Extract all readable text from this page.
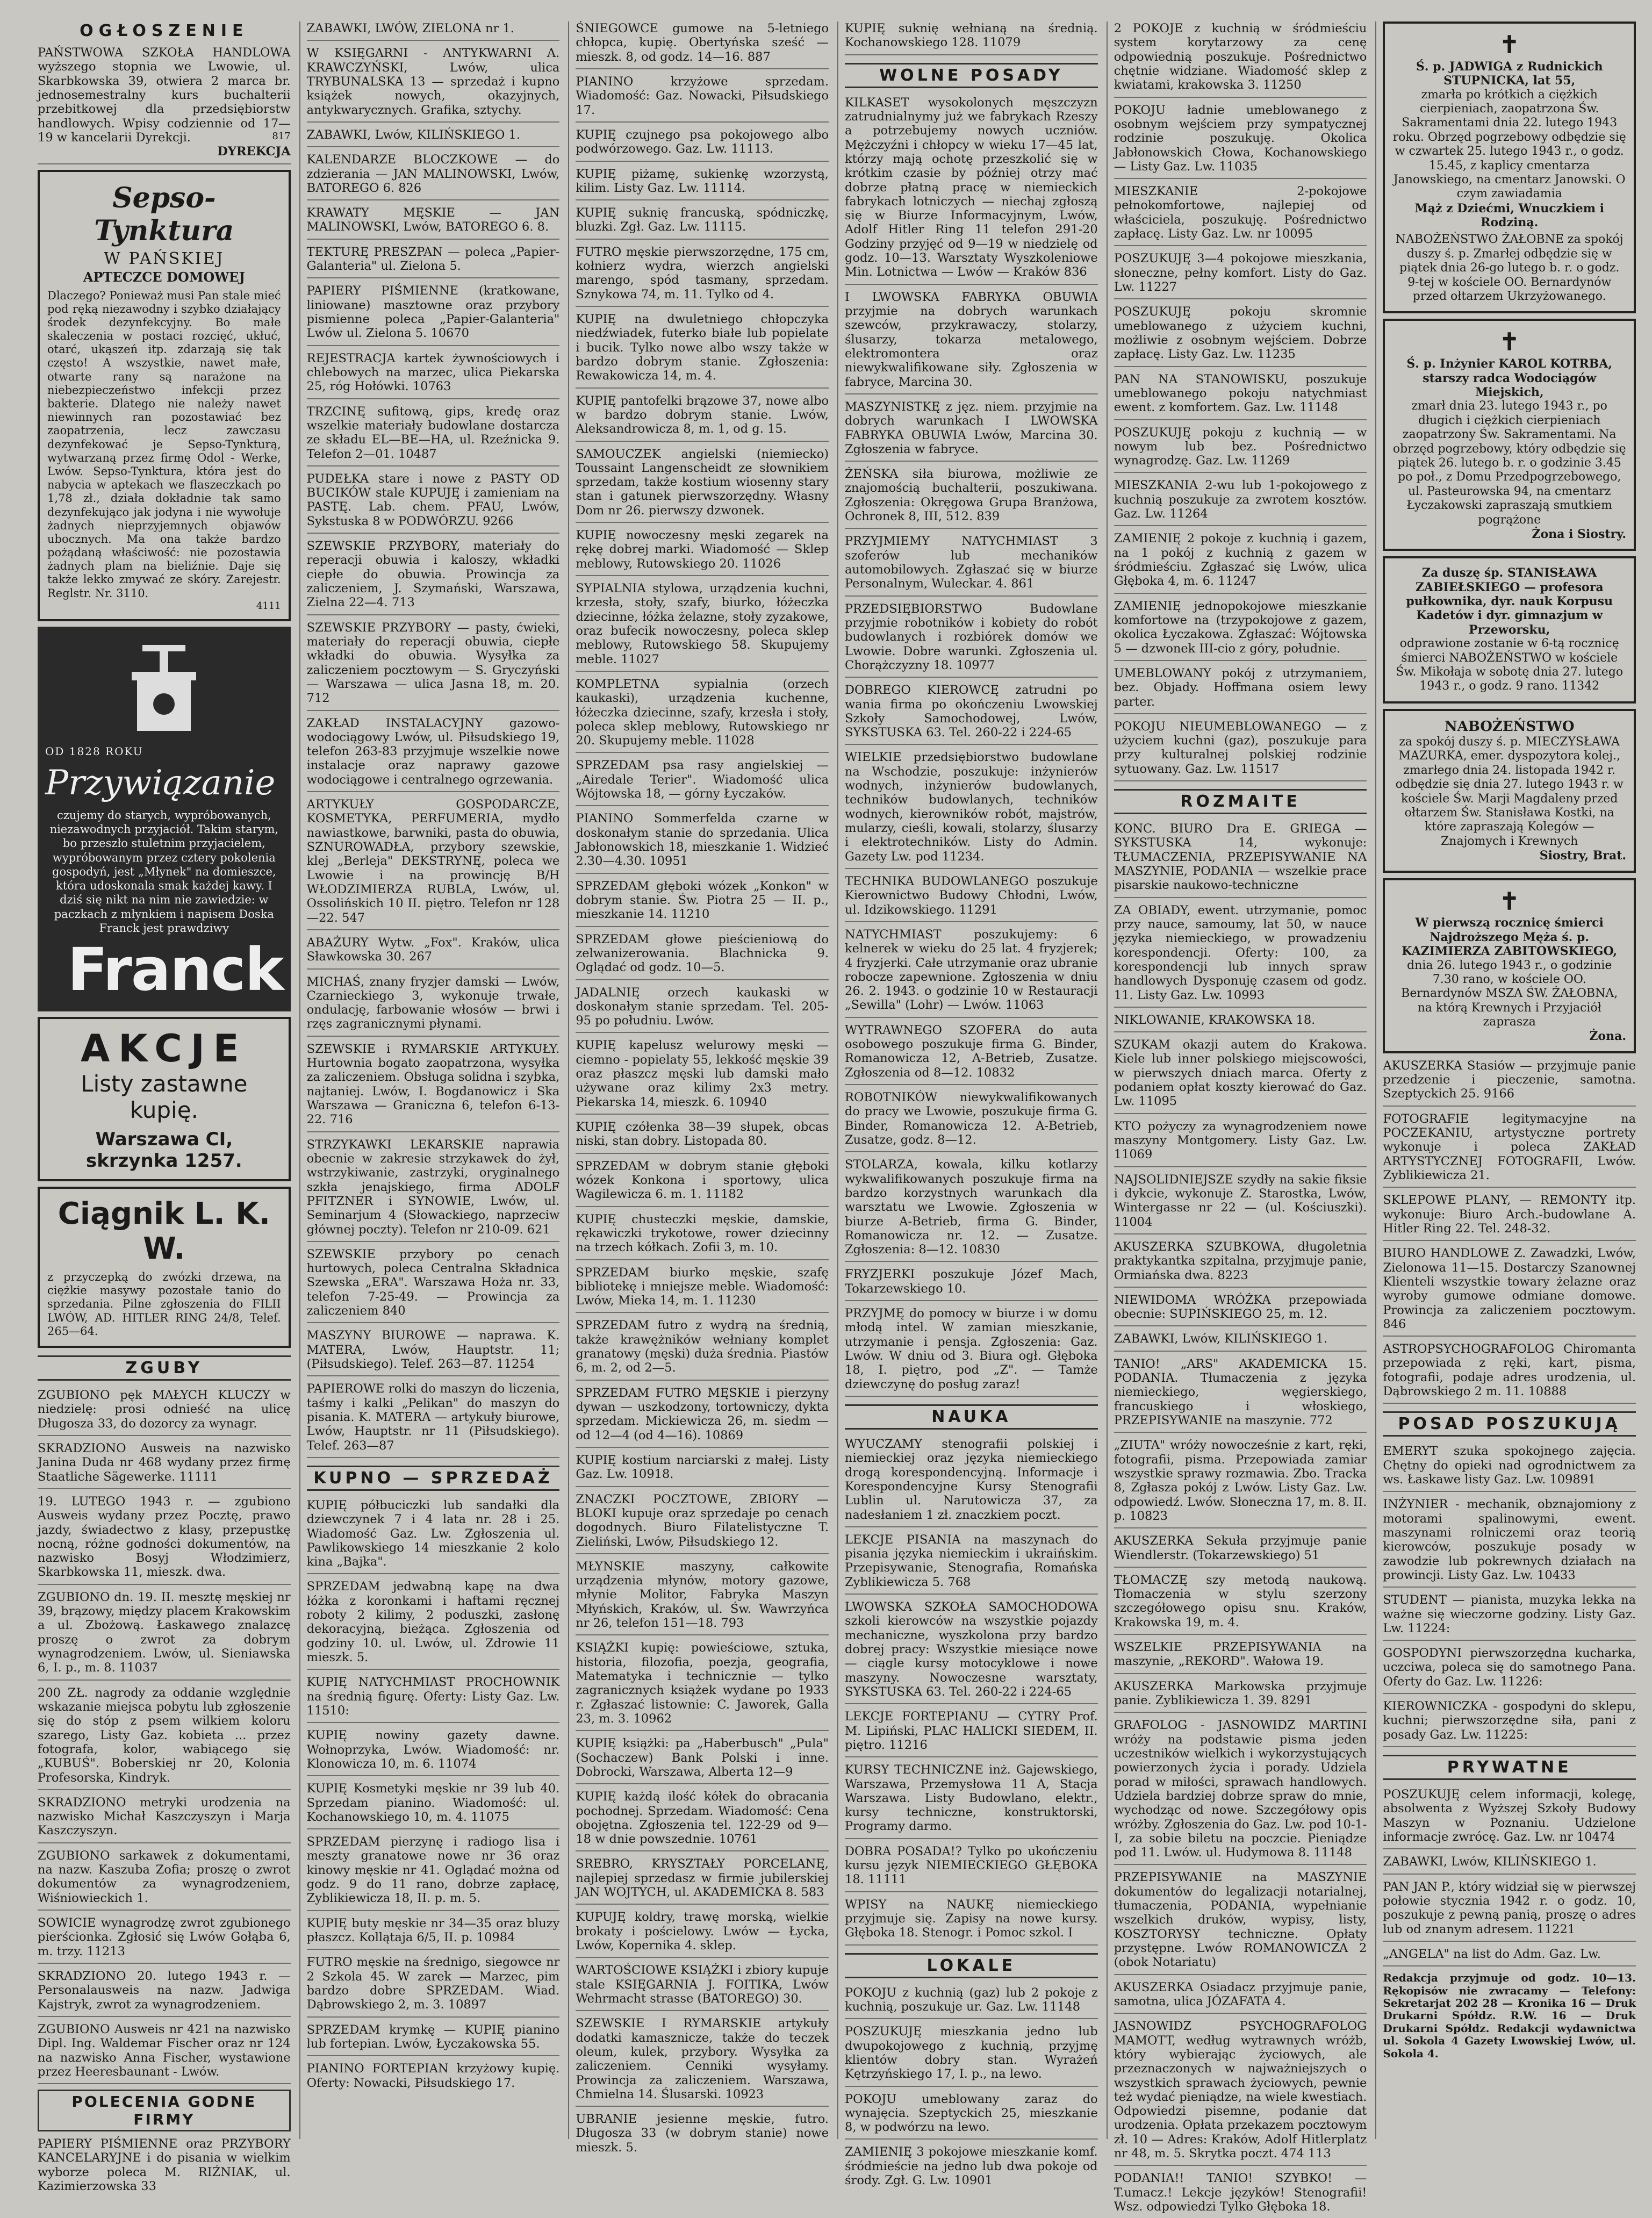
OGŁOSZENIE
PAŃSTWOWA SZKOŁA HANDLOWA wyższego stopnia we Lwowie, ul. Skarbkowska 39, otwiera 2 marca br. jednosemestralny kurs buchalterii przebitkowej dla przedsiębiorstw handlowych. Wpisy codziennie od 17—19 w kancelarii Dyrekcji.	817
DYREKCJA
Sepso-Tynktura
W PAŃSKIEJ
APTECZCE DOMOWEJ
Dlaczego? Ponieważ musi Pan stale mieć pod ręką niezawodny i szybko działający środek dezynfekcyjny. Bo małe skaleczenia w postaci rozcięć, ukłuć, otarć, ukąszeń itp. zdarzają się tak często! A wszystkie, nawet małe, otwarte rany są narażone na niebezpieczeństwo infekcji przez bakterie. Dlatego nie należy nawet niewinnych ran pozostawiać bez zaopatrzenia, lecz zawczasu dezynfekować je Sepso-Tynkturą, wytwarzaną przez firmę Odol - Werke, Lwów. Sepso-Tynktura, która jest do nabycia w aptekach we flaszeczkach po 1,78 zł., działa dokładnie tak samo dezynfekująco jak jodyna i nie wywołuje żadnych nieprzyjemnych objawów ubocznych. Ma ona także bardzo pożądaną właściwość: nie pozostawia żadnych plam na bieliźnie. Daje się także lekko zmywać ze skóry. Zarejestr. Reglstr. Nr. 3110.
4111
OD 1828 ROKU
Przywiązanie
czujemy do starych, wypróbowanych, niezawodnych przyjaciół. Takim starym, bo przeszło stuletnim przyjacielem, wypróbowanym przez cztery pokolenia gospodyń, jest „Młynek" na domieszce, która udoskonala smak każdej kawy. I dziś się nikt na nim nie zawiedzie: w paczkach z młynkiem i napisem Doska Franck jest prawdziwy
Franck
AKCJE
Listy zastawne kupię.
Warszawa CI, skrzynka 1257.
Ciągnik L. K. W.
z przyczepką do zwózki drzewa, na ciężkie masywy pozostałe tanio do sprzedania. Pilne zgłoszenia do FILII LWÓW, AD. HITLER RING 24/8, Telef. 265—64.
ZGUBY
ZGUBIONO pęk MAŁYCH KLUCZY w niedzielę: prosi odnieść na ulicę Długosza 33, do dozorcy za wynagr.
SKRADZIONO Ausweis na nazwisko Janina Duda nr 468 wydany przez firmę Staatliche Sägewerke. 11111
19. LUTEGO 1943 r. — zgubiono Ausweis wydany przez Pocztę, prawo jazdy, świadectwo z klasy, przepustkę nocną, różne godności dokumentów, na nazwisko Bosyj Włodzimierz, Skarbkowska 11, mieszk. dwa.
ZGUBIONO dn. 19. II. mesztę męskiej nr 39, brązowy, między placem Krakowskim a ul. Zbożową. Łaskawego znalazcę proszę o zwrot za dobrym wynagrodzeniem. Lwów, ul. Sieniawska 6, I. p., m. 8. 11037
200 ZŁ. nagrody za oddanie względnie wskazanie miejsca pobytu lub zgłoszenie się do stóp z psem wilkiem koloru szarego, Listy Gaz. kobieta ... przez fotografa, kolor, wabiącego się „KUBUŚ". Boberskiej nr 20, Kolonia Profesorska, Kindryk.
SKRADZIONO metryki urodzenia na nazwisko Michał Kaszczyszyn i Marja Kaszczyszyn.
ZGUBIONO sarkawek z dokumentami, na nazw. Kaszuba Zofia; proszę o zwrot dokumentów za wynagrodzeniem, Wiśniowieckich 1.
SOWICIE wynagrodzę zwrot zgubionego pierścionka. Zgłosić się Lwów Gołąba 6, m. trzy. 11213
SKRADZIONO 20. lutego 1943 r. — Personalausweis na nazw. Jadwiga Kajstryk, zwrot za wynagrodzeniem.
ZGUBIONO Ausweis nr 421 na nazwisko Dipl. Ing. Waldemar Fischer oraz nr 124 na nazwisko Anna Fischer, wystawione przez Heeresbaunant - Lwów.
POLECENIA GODNE FIRMY
PAPIERY PIŚMIENNE oraz PRZYBORY KANCELARYJNE i do pisania w wielkim wyborze poleca M. RIŹNIAK, ul. Kazimierzowska 33
ZABAWKI, LWÓW, ZIELONA nr 1.
W KSIĘGARNI - ANTYKWARNI A. KRAWCZYŃSKI, Lwów, ulica TRYBUNALSKA 13 — sprzedaż i kupno książek nowych, okazyjnych, antykwarycznych. Grafika, sztychy.
ZABAWKI, Lwów, KILIŃSKIEGO 1.
KALENDARZE BLOCZKOWE — do zdzierania — JAN MALINOWSKI, Lwów, BATOREGO 6. 826
KRAWATY MĘSKIE — JAN MALINOWSKI, Lwów, BATOREGO 6. 8.
TEKTURĘ PRESZPAN — poleca „Papier-Galanteria" ul. Zielona 5.
PAPIERY PIŚMIENNE (kratkowane, liniowane) masztowne oraz przybory pismienne poleca „Papier-Galanteria" Lwów ul. Zielona 5. 10670
REJESTRACJA kartek żywnościowych i chlebowych na marzec, ulica Piekarska 25, róg Hołówki. 10763
TRZCINĘ sufitową, gips, kredę oraz wszelkie materiały budowlane dostarcza ze składu EL—BE—HA, ul. Rzeźnicka 9. Telefon 2—01. 10487
PUDEŁKA stare i nowe z PASTY OD BUCIKÓW stale KUPUJĘ i zamieniam na PASTĘ. Lab. chem. PFAU, Lwów, Sykstuska 8 w PODWÓRZU. 9266
SZEWSKIE PRZYBORY, materiały do reperacji obuwia i kaloszy, wkładki ciepłe do obuwia. Prowincja za zaliczeniem, J. Szymański, Warszawa, Zielna 22—4. 713
SZEWSKIE PRZYBORY — pasty, ćwieki, materiały do reperacji obuwia, ciepłe wkładki do obuwia. Wysyłka za zaliczeniem pocztowym — S. Gryczyński — Warszawa — ulica Jasna 18, m. 20. 712
ZAKŁAD INSTALACYJNY gazowo-wodociągowy Lwów, ul. Piłsudskiego 19, telefon 263-83 przyjmuje wszelkie nowe instalacje oraz naprawy gazowe wodociągowe i centralnego ogrzewania.
ARTYKUŁY GOSPODARCZE, KOSMETYKA, PERFUMERIA, mydło nawiastkowe, barwniki, pasta do obuwia, SZNUROWADŁA, przybory szewskie, klej „Berleja" DEKSTRYNĘ, poleca we Lwowie i na prowincję B/H WŁODZIMIERZA RUBLA, Lwów, ul. Ossolińskich 10 II. piętro. Telefon nr 128—22. 547
ABAŻURY Wytw. „Fox". Kraków, ulica Sławkowska 30. 267
MICHAŚ, znany fryzjer damski — Lwów, Czarnieckiego 3, wykonuje trwałe, ondulację, farbowanie włosów — brwi i rzęs zagranicznymi płynami.
SZEWSKIE i RYMARSKIE ARTYKUŁY. Hurtownia bogato zaopatrzona, wysyłka za zaliczeniem. Obsługa solidna i szybka, najtaniej. Lwów, I. Bogdanowicz i Ska Warszawa — Graniczna 6, telefon 6-13-22. 716
STRZYKAWKI LEKARSKIE naprawia obecnie w zakresie strzykawek do żył, wstrzykiwanie, zastrzyki, oryginalnego szkła jenajskiego, firma ADOLF PFITZNER i SYNOWIE, Lwów, ul. Seminarjum 4 (Słowackiego, naprzeciw głównej poczty). Telefon nr 210-09. 621
SZEWSKIE przybory po cenach hurtowych, poleca Centralna Składnica Szewska „ERA". Warszawa Hoża nr. 33, telefon 7-25-49. — Prowincja za zaliczeniem 840
MASZYNY BIUROWE — naprawa. K. MATERA, Lwów, Hauptstr. 11; (Piłsudskiego). Telef. 263—87. 11254
PAPIEROWE rolki do maszyn do liczenia, taśmy i kalki „Pelikan" do maszyn do pisania. K. MATERA — artykuły biurowe, Lwów, Hauptstr. nr 11 (Piłsudskiego). Telef. 263—87
KUPNO — SPRZEDAŻ
KUPIĘ półbuciczki lub sandałki dla dziewczynek 7 i 4 lata nr. 28 i 25. Wiadomość Gaz. Lw. Zgłoszenia ul. Pawlikowskiego 14 mieszkanie 2 kolo kina „Bajka".
SPRZEDAM jedwabną kapę na dwa łóżka z koronkami i haftami ręcznej roboty 2 kilimy, 2 poduszki, zasłonę dekoracyjną, bieżąca. Zgłoszenia od godziny 10. ul. Lwów, ul. Zdrowie 11 mieszk. 5.
KUPIĘ NATYCHMIAST PROCHOWNIK na średnią figurę. Oferty: Listy Gaz. Lw. 11510:
KUPIĘ nowiny gazety dawne. Wołnoprzyka, Lwów. Wiadomość: nr. Klonowicza 10, m. 6. 11074
KUPIĘ Kosmetyki męskie nr 39 lub 40. Sprzedam pianino. Wiadomość: ul. Kochanowskiego 10, m. 4. 11075
SPRZEDAM pierzynę i radiogo lisa i meszty granatowe nowe nr 36 oraz kinowy męskie nr 41. Oglądać można od godz. 9 do 11 rano, dobrze zapłacę, Zyblikiewicza 18, II. p. m. 5.
KUPIĘ buty męskie nr 34—35 oraz bluzy płaszcz. Kollątaja 6/5, II. p. 10984
FUTRO męskie na średnigo, siegowce nr 2 Szkola 45. W zarek — Marzec, pim bardzo dobre SPRZEDAM. Wiad. Dąbrowskiego 2, m. 3. 10897
SPRZEDAM krymkę — KUPIĘ pianino lub fortepian. Lwów, Łyczakowska 55.
PIANINO FORTEPIAN krzyżowy kupię. Oferty: Nowacki, Piłsudskiego 17.
ŚNIEGOWCE gumowe na 5-letniego chłopca, kupię. Obertyńska sześć — mieszk. 8, od godz. 14—16. 887
PIANINO krzyżowe sprzedam. Wiadomość: Gaz. Nowacki, Piłsudskiego 17.
KUPIĘ czujnego psa pokojowego albo podwórzowego. Gaz. Lw. 11113.
KUPIĘ piżamę, sukienkę wzorzystą, kilim. Listy Gaz. Lw. 11114.
KUPIĘ suknię francuską, spódniczkę, bluzki. Zgł. Gaz. Lw. 11115.
FUTRO męskie pierwszorzędne, 175 cm, kołnierz wydra, wierzch angielski marengo, spód tasmany, sprzedam. Sznykowa 74, m. 11. Tylko od 4.
KUPIĘ na dwuletniego chłopczyka niedźwiadek, futerko białe lub popielate i bucik. Tylko nowe albo wszy także w bardzo dobrym stanie. Zgłoszenia: Rewakowicza 14, m. 4.
KUPIĘ pantofelki brązowe 37, nowe albo w bardzo dobrym stanie. Lwów, Aleksandrowicza 8, m. 1, od g. 15.
SAMOUCZEK angielski (niemiecko) Toussaint Langenscheidt ze słownikiem sprzedam, także kostium wiosenny stary stan i gatunek pierwszorzędny. Własny Dom nr 26. pierwszy dzwonek.
KUPIĘ nowoczesny męski zegarek na rękę dobrej marki. Wiadomość — Sklep meblowy, Rutowskiego 20. 11026
SYPIALNIA stylowa, urządzenia kuchni, krzesła, stoły, szafy, biurko, łóżeczka dziecinne, łóżka żelazne, stoły zyzakowe, oraz bufecik nowoczesny, poleca sklep meblowy, Rutowskiego 58. Skupujemy meble. 11027
KOMPLETNA sypialnia (orzech kaukaski), urządzenia kuchenne, łóżeczka dziecinne, szafy, krzesła i stoły, poleca sklep meblowy, Rutowskiego nr 20. Skupujemy meble. 11028
SPRZEDAM psa rasy angielskiej — „Airedale Terier". Wiadomość ulica Wójtowska 18, — górny Łyczaków.
PIANINO Sommerfelda czarne w doskonałym stanie do sprzedania. Ulica Jabłonowskich 18, mieszkanie 1. Widzieć 2.30—4.30. 10951
SPRZEDAM głęboki wózek „Konkon" w dobrym stanie. Św. Piotra 25 — II. p., mieszkanie 14. 11210
SPRZEDAM głowe pieścieniową do zelwanizerowania. Blachnicka 9. Oglądać od godz. 10—5.
JADALNIĘ orzech kaukaski w doskonałym stanie sprzedam. Tel. 205-95 po południu. Lwów.
KUPIĘ kapelusz welurowy męski — ciemno - popielaty 55, lekkość męskie 39 oraz płaszcz męski lub damski mało używane oraz kilimy 2x3 metry. Piekarska 14, mieszk. 6. 10940
KUPIĘ czółenka 38—39 słupek, obcas niski, stan dobry. Listopada 80.
SPRZEDAM w dobrym stanie głęboki wózek Konkona i sportowy, ulica Wagilewicza 6. m. 1. 11182
KUPIĘ chusteczki męskie, damskie, rękawiczki trykotowe, rower dziecinny na trzech kółkach. Zofii 3, m. 10.
SPRZEDAM biurko męskie, szafę bibliotekę i mniejsze meble. Wiadomość: Lwów, Mieka 14, m. 1. 11230
SPRZEDAM futro z wydrą na średnią, także krawężników wełniany komplet granatowy (męski) duża średnia. Piastów 6, m. 2, od 2—5.
SPRZEDAM FUTRO MĘSKIE i pierzyny dywan — uszkodzony, tortowniczy, dykta sprzedam. Mickiewicza 26, m. siedm — od 12—4 (od 4—16). 10869
KUPIĘ kostium narciarski z małej. Listy Gaz. Lw. 10918.
ZNACZKI POCZTOWE, ZBIORY — BLOKI kupuje oraz sprzedaje po cenach dogodnych. Biuro Filatelistyczne T. Zieliński, Lwów, Piłsudskiego 12.
MŁYNSKIE maszyny, całkowite urządzenia młynów, motory gazowe, młynie Molitor, Fabryka Maszyn Młyńskich, Kraków, ul. Św. Wawrzyńca nr 26, telefon 151—18. 793
KSIĄŻKI kupię: powieściowe, sztuka, historia, filozofia, poezja, geografia, Matematyka i technicznie — tylko zagranicznych książek wydane po 1933 r. Zgłaszać listownie: C. Jaworek, Galla 23, m. 3. 10962
KUPIĘ książki: pa „Haberbusch" „Pula" (Sochaczew) Bank Polski i inne. Dobrocki, Warszawa, Alberta 12—9
KUPIĘ każdą ilość kółek do obracania pochodnej. Sprzedam. Wiadomość: Cena obojętna. Zgłoszenia tel. 122-29 od 9—18 w dnie powszednie. 10761
SREBRO, KRYSZTAŁY PORCELANĘ, najlepiej sprzedasz w firmie jubilerskiej JAN WOJTYCH, ul. AKADEMICKA 8. 583
KUPUJĘ koldry, trawę morską, wielkie brokaty i pościelowy. Lwów — Łycka, Lwów, Kopernika 4. sklep.
WARTOŚCIOWE KSIĄŻKI i zbiory kupuje stale KSIĘGARNIA J. FOITIKA, Lwów Wehrmacht strasse (BATOREGO) 30.
SZEWSKIE I RYMARSKIE artykuły dodatki kamasznicze, także do teczek oleum, kulek, przybory. Wysyłka za zaliczeniem. Cenniki wysyłamy. Prowincja za zaliczeniem. Warszawa, Chmielna 14. Ślusarski. 10923
UBRANIE jesienne męskie, futro. Długosza 33 (w dobrym stanie) nowe mieszk. 5.
KUPIĘ suknię wełnianą na średnią. Kochanowskiego 128. 11079
WOLNE POSADY
KILKASET wysokolonych męszczyzn zatrudnialnymy już we fabrykach Rzeszy a potrzebujemy nowych uczniów. Mężczyźni i chłopcy w wieku 17—45 lat, którzy mają ochotę przeszkolić się w krótkim czasie by później otrzy mać dobrze płatną pracę w niemieckich fabrykach lotniczych — niechaj zgłoszą się w Biurze Informacyjnym, Lwów, Adolf Hitler Ring 11 telefon 291-20 Godziny przyjęć od 9—19 w niedzielę od godz. 10—13. Warsztaty Wyszkoleniowe Min. Lotnictwa — Lwów — Kraków 836
I LWOWSKA FABRYKA OBUWIA przyjmie na dobrych warunkach szewców, przykrawaczy, stolarzy, ślusarzy, tokarza metalowego, elektromontera oraz niewykwalifikowane siły. Zgłoszenia w fabryce, Marcina 30.
MASZYNISTKĘ z jęz. niem. przyjmie na dobrych warunkach I LWOWSKA FABRYKA OBUWIA Lwów, Marcina 30. Zgłoszenia w fabryce.
ŻEŃSKA siła biurowa, możliwie ze znajomością buchalterii, poszukiwana. Zgłoszenia: Okręgowa Grupa Branżowa, Ochronek 8, III, 512. 839
PRZYJMIEMY NATYCHMIAST 3 szoferów lub mechaników automobilowych. Zgłaszać się w biurze Personalnym, Wuleckar. 4. 861
PRZEDSIĘBIORSTWO Budowlane przyjmie robotników i kobiety do robót budowlanych i rozbiórek domów we Lwowie. Dobre warunki. Zgłoszenia ul. Chorążczyzny 18. 10977
DOBREGO KIEROWCĘ zatrudni po wania firma po okończeniu Lwowskiej Szkoły Samochodowej, Lwów, SYKSTUSKA 63. Tel. 260-22 i 224-65
WIELKIE przedsiębiorstwo budowlane na Wschodzie, poszukuje: inżynierów wodnych, inżynierów budowlanych, techników budowlanych, techników wodnych, kierowników robót, majstrów, mularzy, cieśli, kowali, stolarzy, ślusarzy i elektrotechników. Listy do Admin. Gazety Lw. pod 11234.
TECHNIKA BUDOWLANEGO poszukuje Kierownictwo Budowy Chłodni, Lwów, ul. Idzikowskiego. 11291
NATYCHMIAST poszukujemy: 6 kelnerek w wieku do 25 lat. 4 fryzjerek; 4 fryzjerki. Całe utrzymanie oraz ubranie robocze zapewnione. Zgłoszenia w dniu 26. 2. 1943. o godzinie 10 w Restauracji „Sewilla" (Lohr) — Lwów. 11063
WYTRAWNEGO SZOFERA do auta osobowego poszukuje firma G. Binder, Romanowicza 12, A-Betrieb, Zusatze. Zgłoszenia od 8—12. 10832
ROBOTNIKÓW niewykwalifikowanych do pracy we Lwowie, poszukuje firma G. Binder, Romanowicza 12. A-Betrieb, Zusatze, godz. 8—12.
STOLARZA, kowala, kilku kotlarzy wykwalifikowanych poszukuje firma na bardzo korzystnych warunkach dla warsztatu we Lwowie. Zgłoszenia w biurze A-Betrieb, firma G. Binder, Romanowicza nr. 12. — Zusatze. Zgłoszenia: 8—12. 10830
FRYZJERKI poszukuje Józef Mach, Tokarzewskiego 10.
PRZYJMĘ do pomocy w biurze i w domu młodą intel. W zamian mieszkanie, utrzymanie i pensja. Zgłoszenia: Gaz. Lwów. W dniu od 3. Biura ogł. Głęboka 18, I. piętro, pod „Z". — Tamże dziewczynę do posług zaraz!
NAUKA
WYUCZAMY stenografii polskiej i niemieckiej oraz języka niemieckiego drogą korespondencyjną. Informacje i Korespondencyjne Kursy Stenografii Lublin ul. Narutowicza 37, za nadesłaniem 1 zł. znaczkiem poczt.
LEKCJE PISANIA na maszynach do pisania języka niemieckim i ukraińskim. Przepisywanie, Stenografia, Romańska Zyblikiewicza 5. 768
LWOWSKA SZKOŁA SAMOCHODOWA szkoli kierowców na wszystkie pojazdy mechaniczne, wyszkolona przy bardzo dobrej pracy: Wszystkie miesiące nowe — ciągle kursy motocyklowe i nowe maszyny. Nowoczesne warsztaty, SYKSTUSKA 63. Tel. 260-22 i 224-65
LEKCJE FORTEPIANU — CYTRY Prof. M. Lipiński, PLAC HALICKI SIEDEM, II. piętro. 11216
KURSY TECHNICZNE inż. Gajewskiego, Warszawa, Przemysłowa 11 A, Stacja Warszawa. Listy Budowlano, elektr., kursy techniczne, konstruktorski, Programy darmo.
DOBRA POSADA!? Tylko po ukończeniu kursu język NIEMIECKIEGO GŁĘBOKA 18. 11111
WPISY na NAUKĘ niemieckiego przyjmuje się. Zapisy na nowe kursy. Głęboka 18. Stenogr. i Pomoc szkol. I
LOKALE
POKOJU z kuchnią (gaz) lub 2 pokoje z kuchnią, poszukuje ur. Gaz. Lw. 11148
POSZUKUJĘ mieszkania jedno lub dwupokojowego z kuchnią, przyjmę klientów dobry stan. Wyrażeń Kętrzyńskiego 17, I. p., na lewo.
POKOJU umeblowany zaraz do wynajęcia. Szeptyckich 25, mieszkanie 8, w podwórzu na lewo.
ZAMIENIĘ 3 pokojowe mieszkanie komf. śródmieście na jedno lub dwa pokoje od środy. Zgł. G. Lw. 10901
2 POKOJE z kuchnią w śródmieściu system korytarzowy za cenę odpowiednią poszukuje. Pośrednictwo chętnie widziane. Wiadomość sklep z kwiatami, krakowska 3. 11250
POKOJU ładnie umeblowanego z osobnym wejściem przy sympatycznej rodzinie poszukuję. Okolica Jabłonowskich Cłowa, Kochanowskiego — Listy Gaz. Lw. 11035
MIESZKANIE 2-pokojowe pełnokomfortowe, najlepiej od właściciela, poszukuję. Pośrednictwo zapłacę. Listy Gaz. Lw. nr 10095
POSZUKUJĘ 3—4 pokojowe mieszkania, słoneczne, pełny komfort. Listy do Gaz. Lw. 11227
POSZUKUJĘ pokoju skromnie umeblowanego z użyciem kuchni, możliwie z osobnym wejściem. Dobrze zapłacę. Listy Gaz. Lw. 11235
PAN NA STANOWISKU, poszukuje umeblowanego pokoju natychmiast ewent. z komfortem. Gaz. Lw. 11148
POSZUKUJĘ pokoju z kuchnią — w nowym lub bez. Pośrednictwo wynagrodzę. Gaz. Lw. 11269
MIESZKANIA 2-wu lub 1-pokojowego z kuchnią poszukuje za zwrotem kosztów. Gaz. Lw. 11264
ZAMIENIĘ 2 pokoje z kuchnią i gazem, na 1 pokój z kuchnią z gazem w śródmieściu. Zgłaszać się Lwów, ulica Głęboka 4, m. 6. 11247
ZAMIENIĘ jednopokojowe mieszkanie komfortowe na (trzypokojowe z gazem, okolica Łyczakowa. Zgłaszać: Wójtowska 5 — dzwonek III-cio z góry, południe.
UMEBLOWANY pokój z utrzymaniem, bez. Objady. Hoffmana osiem lewy parter.
POKOJU NIEUMEBLOWANEGO — z użyciem kuchni (gaz), poszukuje para przy kulturalnej polskiej rodzinie sytuowany. Gaz. Lw. 11517
ROZMAITE
KONC. BIURO Dra E. GRIEGA — SYKSTUSKA 14, wykonuje: TŁUMACZENIA, PRZEPISYWANIE NA MASZYNIE, PODANIA — wszelkie prace pisarskie naukowo-techniczne
ZA OBIADY, ewent. utrzymanie, pomoc przy nauce, samoumy, lat 50, w nauce języka niemieckiego, w prowadzeniu korespondencji. Oferty: 100, za korespondencji lub innych spraw handlowych Dysponuję czasem od godz. 11. Listy Gaz. Lw. 10993
NIKLOWANIE, KRAKOWSKA 18.
SZUKAM okazji autem do Krakowa. Kiele lub inner polskiego miejscowości, w pierwszych dniach marca. Oferty z podaniem opłat koszty kierować do Gaz. Lw. 11095
KTO pożyczy za wynagrodzeniem nowe maszyny Montgomery. Listy Gaz. Lw. 11069
NAJSOLIDNIEJSZE szydły na sakie fiksie i dykcie, wykonuje Z. Starostka, Lwów, Wintergasse nr 22 — (ul. Kościuszki). 11004
AKUSZERKA SZUBKOWA, długoletnia praktykantka szpitalna, przyjmuje panie, Ormiańska dwa. 8223
NIEWIDOMA WRÓŻKA przepowiada obecnie: SUPIŃSKIEGO 25, m. 12.
ZABAWKI, Lwów, KILIŃSKIEGO 1.
TANIO! „ARS" AKADEMICKA 15. PODANIA. Tłumaczenia z języka niemieckiego, węgierskiego, francuskiego i włoskiego, PRZEPISYWANIE na maszynie. 772
„ZIUTA" wróży nowocześnie z kart, ręki, fotografii, pisma. Przepowiada zamiar wszystkie sprawy rozmawia. Zbo. Tracka 8, Zgłasza pokój z Lwów. Listy Gaz. Lw. odpowiedź. Lwów. Słoneczna 17, m. 8. II. p. 10823
AKUSZERKA Sekuła przyjmuje panie Wiendlerstr. (Tokarzewskiego) 51
TŁOMACZĘ szy metodą naukową. Tłomaczenia w stylu szerzony szczegółowego opisu snu. Kraków, Krakowska 19, m. 4.
WSZELKIE PRZEPISYWANIA na maszynie, „REKORD". Wałowa 19.
AKUSZERKA Markowska przyjmuje panie. Zyblikiewicza 1. 39. 8291
GRAFOLOG - JASNOWIDZ MARTINI wróży na podstawie pisma jeden uczestników wielkich i wykorzystujących powierzonych życia i porady. Udziela porad w miłości, sprawach handlowych. Udziela bardziej dobrze spraw do mnie, wychodząc od nowe. Szczegółowy opis wróżby. Zgłoszenia do Gaz. Lw. pod 10-1-I, za sobie biletu na poczcie. Pieniądze pod 11. Lwów. ul. Hudymowa 8. 11148
PRZEPISYWANIE na MASZYNIE dokumentów do legalizacji notarialnej, tłumaczenia, PODANIA, wypełnianie wszelkich druków, wypisy, listy, KOSZTORYSY techniczne. Opłaty przystępne. Lwów ROMANOWICZA 2 (obok Notariatu)
AKUSZERKA Osiadacz przyjmuje panie, samotna, ulica JÓZAFATA 4.
JASNOWIDZ PSYCHOGRAFOLOG MAMOTT, według wytrawnych wróżb, który wybierając życiowych, ale przeznaczonych w najważniejszych o wszystkich sprawach życiowych, pewnie też wydać pieniądze, na wiele kwestiach. Odpowiedzi pisemne, podanie dat urodzenia. Opłata przekazem pocztowym zł. 10 — Adres: Kraków, Adolf Hitlerplatz nr 48, m. 5. Skrytka poczt. 474 113
PODANIA!! TANIO! SZYBKO! — T.umacz.! Lekcje języków! Stenografii! Wsz. odpowiedzi Tylko Głęboka 18.
✝
Ś. p. JADWIGA z Rudnickich STUPNICKA, lat 55,
zmarła po krótkich a ciężkich cierpieniach, zaopatrzona Św. Sakramentami dnia 22. lutego 1943 roku. Obrzęd pogrzebowy odbędzie się w czwartek 25. lutego 1943 r., o godz. 15.45, z kaplicy cmentarza Janowskiego, na cmentarz Janowski. O czym zawiadamia
Mąż z Dziećmi, Wnuczkiem i Rodziną.
NABOŻEŃSTWO ŻAŁOBNE za spokój duszy ś. p. Zmarłej odbędzie się w piątek dnia 26-go lutego b. r. o godz. 9-tej w kościele OO. Bernardynów przed ołtarzem Ukrzyżowanego.
✝
Ś. p. Inżynier KAROL KOTRBA, starszy radca Wodociągów Miejskich,
zmarł dnia 23. lutego 1943 r., po długich i ciężkich cierpieniach zaopatrzony Św. Sakramentami. Na obrzęd pogrzebowy, który odbędzie się piątek 26. lutego b. r. o godzinie 3.45 po poł., z Domu Przedpogrzebowego, ul. Pasteurowska 94, na cmentarz Łyczakowski zapraszają smutkiem pogrążone
Żona i Siostry.
Za duszę śp. STANISŁAWA ZABIEŁSKIEGO — profesora pułkownika, dyr. nauk Korpusu Kadetów i dyr. gimnazjum w Przeworsku,
odprawione zostanie w 6-tą rocznicę śmierci NABOŻEŃSTWO w kościele Św. Mikołaja w sobotę dnia 27. lutego 1943 r., o godz. 9 rano. 11342
NABOŻEŃSTWO
za spokój duszy ś. p. MIECZYSŁAWA MAZURKA, emer. dyspozytora kolej., zmarłego dnia 24. listopada 1942 r. odbędzie się dnia 27. lutego 1943 r. w kościele Św. Marji Magdaleny przed ołtarzem Św. Stanisława Kostki, na które zapraszają Kolegów — Znajomych i Krewnych
Siostry, Brat.
✝
W pierwszą rocznicę śmierci Najdroższego Męża ś. p. KAZIMIERZA ZABITOWSKIEGO,
dnia 26. lutego 1943 r., o godzinie 7.30 rano, w kościele OO. Bernardynów MSZA ŚW. ŻAŁOBNA, na którą Krewnych i Przyjaciół zaprasza
Żona.
AKUSZERKA Stasiów — przyjmuje panie przedzenie i pieczenie, samotna. Szeptyckich 25. 9166
FOTOGRAFIE legitymacyjne na POCZEKANIU, artystyczne portrety wykonuje i poleca ZAKŁAD ARTYSTYCZNEJ FOTOGRAFII, Lwów. Zyblikiewicza 21.
SKLEPOWE PLANY, — REMONTY itp. wykonuje: Biuro Arch.-budowlane A. Hitler Ring 22. Tel. 248-32.
BIURO HANDLOWE Z. Zawadzki, Lwów, Zielonowa 11—15. Dostarczy Szanownej Klienteli wszystkie towary żelazne oraz wyroby gumowe odmiane domowe. Prowincja za zaliczeniem pocztowym. 846
ASTROPSYCHOGRAFOLOG Chiromanta przepowiada z ręki, kart, pisma, fotografii, podaje adres urodzenia, ul. Dąbrowskiego 2 m. 11. 10888
POSAD POSZUKUJĄ
EMERYT szuka spokojnego zajęcia. Chętny do opieki nad ogrodnictwem za ws. Łaskawe listy Gaz. Lw. 109891
INŻYNIER - mechanik, obznajomiony z motorami spalinowymi, ewent. maszynami rolniczemi oraz teorią kierowców, poszukuje posady w zawodzie lub pokrewnych działach na prowincji. Listy Gaz. Lw. 10433
STUDENT — pianista, muzyka lekka na ważne się wieczorne godziny. Listy Gaz. Lw. 11224:
GOSPODYNI pierwszorzędna kucharka, uczciwa, poleca się do samotnego Pana. Oferty do Gaz. Lw. 11226:
KIEROWNICZKA - gospodyni do sklepu, kuchni; pierwszorzędne siła, pani z posady Gaz. Lw. 11225:
PRYWATNE
POSZUKUJĘ celem informacji, kolegę, absolwenta z Wyższej Szkoły Budowy Maszyn w Poznaniu. Udzielone informacje zwrócę. Gaz. Lw. nr 10474
ZABAWKI, Lwów, KILIŃSKIEGO 1.
PAN JAN P., który widział się w pierwszej połowie stycznia 1942 r. o godz. 10, poszukuje z pewną panią, proszę o adres lub od znanym adresem. 11221
„ANGELA" na list do Adm. Gaz. Lw.
Redakcja przyjmuje od godz. 10—13. Rękopisów nie zwracamy — Telefony: Sekretarjat 202 28 — Kronika 16 — Druk Drukarni Spółdz. R.W. 16 — Druk Drukarni Spółdz. Redakcji wydawnictwa ul. Sokola 4 Gazety Lwowskiej Lwów, ul. Sokola 4.
